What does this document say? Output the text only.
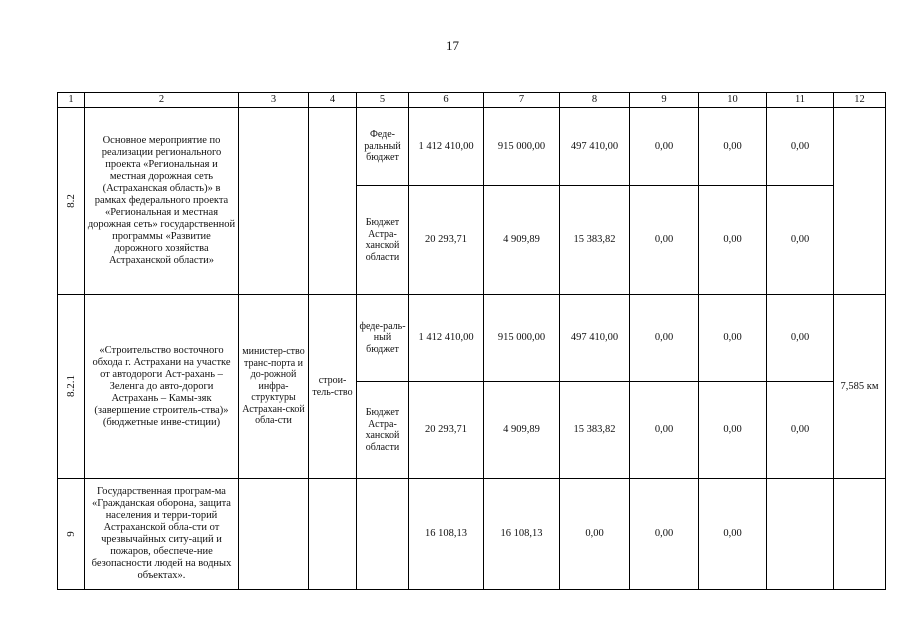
17
1	2	3	4	5	6	7	8	9	10	11	12
8.2	Основное мероприятие по реализации регионального проекта «Региональная и местная дорожная сеть (Астраханская область)» в рамках федерального проекта «Региональная и местная дорожная сеть» государственной программы «Развитие дорожного хозяйства Астраханской области»			Феде-ральный бюджет	1 412 410,00	915 000,00	497 410,00	0,00	0,00	0,00	
				Бюджет Астра-ханской области	20 293,71	4 909,89	15 383,82	0,00	0,00	0,00	
8.2.1	«Строительство восточного обхода г. Астрахани на участке от автодороги Аст-рахань – Зеленга до авто-дороги Астрахань – Камы-зяк (завершение строитель-ства)» (бюджетные инве-стиции)	министер-ство транс-порта и до-рожной инфра-структуры Астрахан-ской обла-сти	строи-тель-ство	феде-раль-ный бюджет	1 412 410,00	915 000,00	497 410,00	0,00	0,00	0,00	7,585 км
				Бюджет Астра-ханской области	20 293,71	4 909,89	15 383,82	0,00	0,00	0,00	
9	Государственная програм-ма «Гражданская оборона, защита населения и терри-торий Астраханской обла-сти от чрезвычайных ситу-аций и пожаров, обеспече-ние безопасности людей на водных объектах».				16 108,13	16 108,13	0,00	0,00	0,00		
